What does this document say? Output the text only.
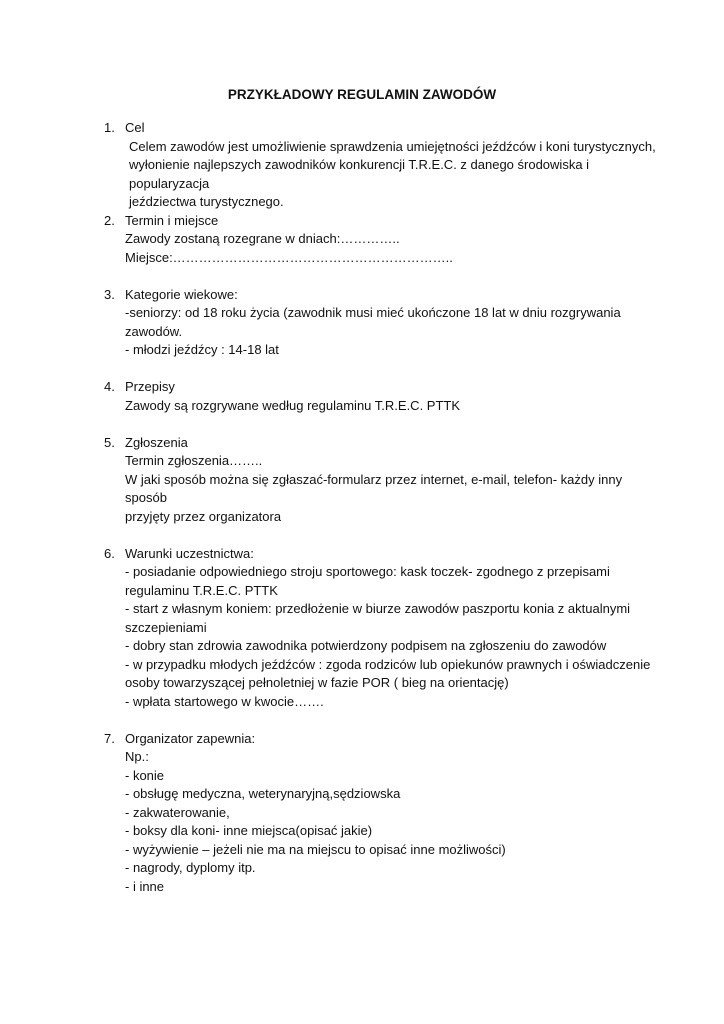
PRZYKŁADOWY REGULAMIN ZAWODÓW
1. Cel
Celem zawodów jest umożliwienie sprawdzenia umiejętności jeźdźców i koni turystycznych,
wyłonienie najlepszych zawodników konkurencji T.R.E.C. z danego środowiska i popularyzacja
jeździectwa turystycznego.
2. Termin i miejsce
Zawody zostaną rozegrane w dniach:…………..
Miejsce:………………………………………………………..
3. Kategorie wiekowe:
-seniorzy: od 18 roku życia (zawodnik musi mieć ukończone 18 lat w dniu rozgrywania
zawodów.
- młodzi jeźdźcy : 14-18 lat
4. Przepisy
Zawody są rozgrywane według regulaminu T.R.E.C. PTTK
5. Zgłoszenia
Termin zgłoszenia……..
W jaki sposób można się zgłaszać-formularz przez internet, e-mail, telefon- każdy inny sposób
przyjęty przez organizatora
6. Warunki uczestnictwa:
- posiadanie odpowiedniego stroju sportowego: kask toczek- zgodnego z przepisami
regulaminu T.R.E.C. PTTK
- start z własnym koniem: przedłożenie w biurze zawodów paszportu konia z aktualnymi
szczepieniami
- dobry stan zdrowia zawodnika potwierdzony podpisem na zgłoszeniu do zawodów
- w przypadku młodych jeźdźców : zgoda rodziców lub opiekunów prawnych i oświadczenie
osoby towarzyszącej pełnoletniej w fazie POR ( bieg na orientację)
- wpłata startowego w kwocie…….
7. Organizator zapewnia:
Np.:
- konie
- obsługę medyczna, weterynaryjną,sędziowska
- zakwaterowanie,
- boksy dla koni- inne miejsca(opisać jakie)
- wyżywienie – jeżeli nie ma na miejscu to opisać inne możliwości)
- nagrody, dyplomy itp.
- i inne
